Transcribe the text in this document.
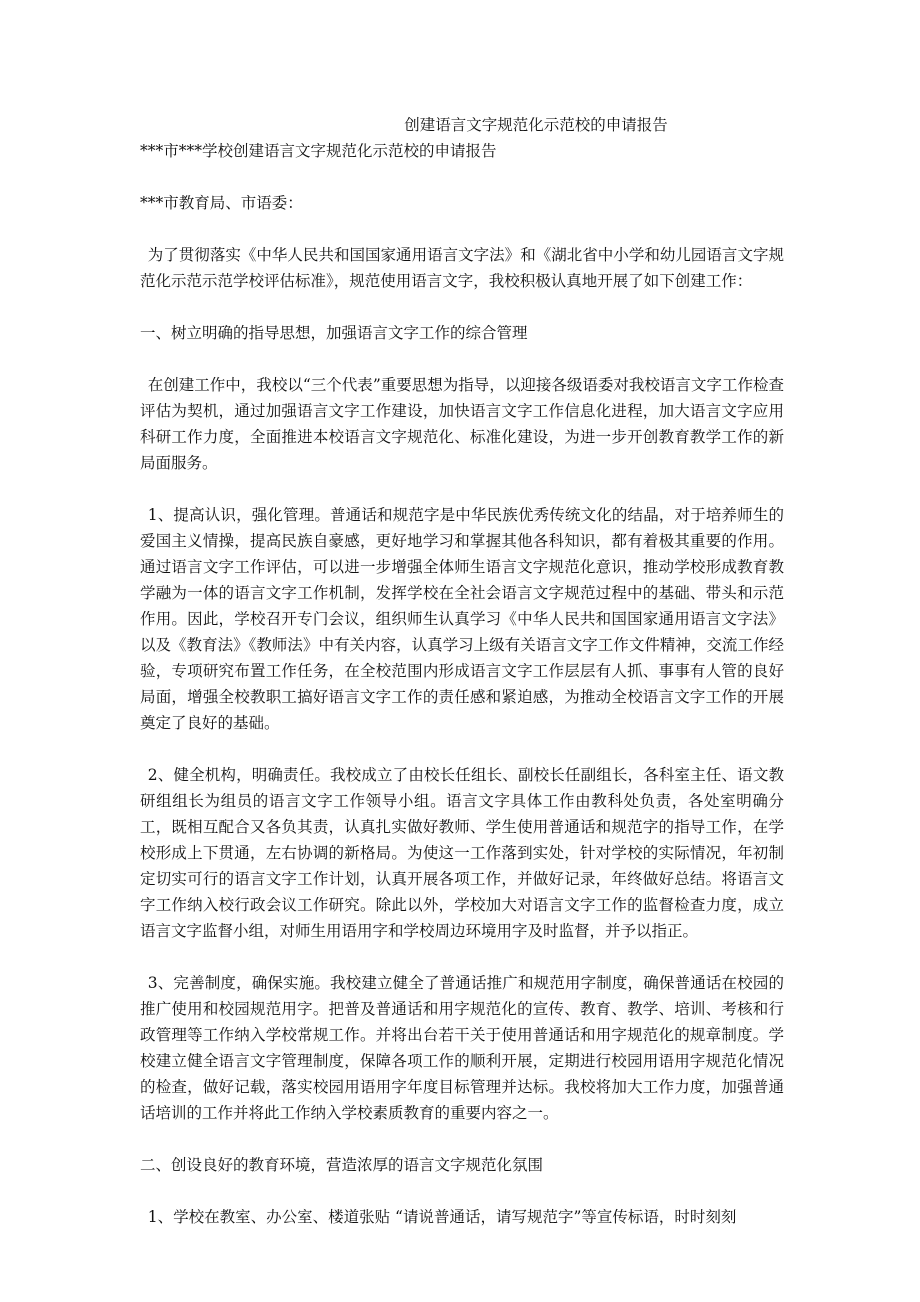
创建语言文字规范化示范校的申请报告

***市***学校创建语言文字规范化示范校的申请报告

***市教育局、市语委：

为了贯彻落实《中华人民共和国国家通用语言文字法》和《湖北省中小学和幼儿园语言文字规范化示范示范学校评估标准》，规范使用语言文字，我校积极认真地开展了如下创建工作：

一、树立明确的指导思想，加强语言文字工作的综合管理

在创建工作中，我校以“三个代表”重要思想为指导，以迎接各级语委对我校语言文字工作检查评估为契机，通过加强语言文字工作建设，加快语言文字工作信息化进程，加大语言文字应用科研工作力度，全面推进本校语言文字规范化、标准化建设，为进一步开创教育教学工作的新局面服务。

1、提高认识，强化管理。普通话和规范字是中华民族优秀传统文化的结晶，对于培养师生的爱国主义情操，提高民族自豪感，更好地学习和掌握其他各科知识，都有着极其重要的作用。通过语言文字工作评估，可以进一步增强全体师生语言文字规范化意识，推动学校形成教育教学融为一体的语言文字工作机制，发挥学校在全社会语言文字规范过程中的基础、带头和示范作用。因此，学校召开专门会议，组织师生认真学习《中华人民共和国国家通用语言文字法》以及《教育法》《教师法》中有关内容，认真学习上级有关语言文字工作文件精神，交流工作经验，专项研究布置工作任务，在全校范围内形成语言文字工作层层有人抓、事事有人管的良好局面，增强全校教职工搞好语言文字工作的责任感和紧迫感，为推动全校语言文字工作的开展奠定了良好的基础。

2、健全机构，明确责任。我校成立了由校长任组长、副校长任副组长，各科室主任、语文教研组组长为组员的语言文字工作领导小组。语言文字具体工作由教科处负责，各处室明确分工，既相互配合又各负其责，认真扎实做好教师、学生使用普通话和规范字的指导工作，在学校形成上下贯通，左右协调的新格局。为使这一工作落到实处，针对学校的实际情况，年初制定切实可行的语言文字工作计划，认真开展各项工作，并做好记录，年终做好总结。将语言文字工作纳入校行政会议工作研究。除此以外，学校加大对语言文字工作的监督检查力度，成立语言文字监督小组，对师生用语用字和学校周边环境用字及时监督，并予以指正。

3、完善制度，确保实施。我校建立健全了普通话推广和规范用字制度，确保普通话在校园的推广使用和校园规范用字。把普及普通话和用字规范化的宣传、教育、教学、培训、考核和行政管理等工作纳入学校常规工作。并将出台若干关于使用普通话和用字规范化的规章制度。学校建立健全语言文字管理制度，保障各项工作的顺利开展，定期进行校园用语用字规范化情况的检查，做好记载，落实校园用语用字年度目标管理并达标。我校将加大工作力度，加强普通话培训的工作并将此工作纳入学校素质教育的重要内容之一。

二、创设良好的教育环境，营造浓厚的语言文字规范化氛围

1、学校在教室、办公室、楼道张贴 “请说普通话，请写规范字”等宣传标语，时时刻刻
